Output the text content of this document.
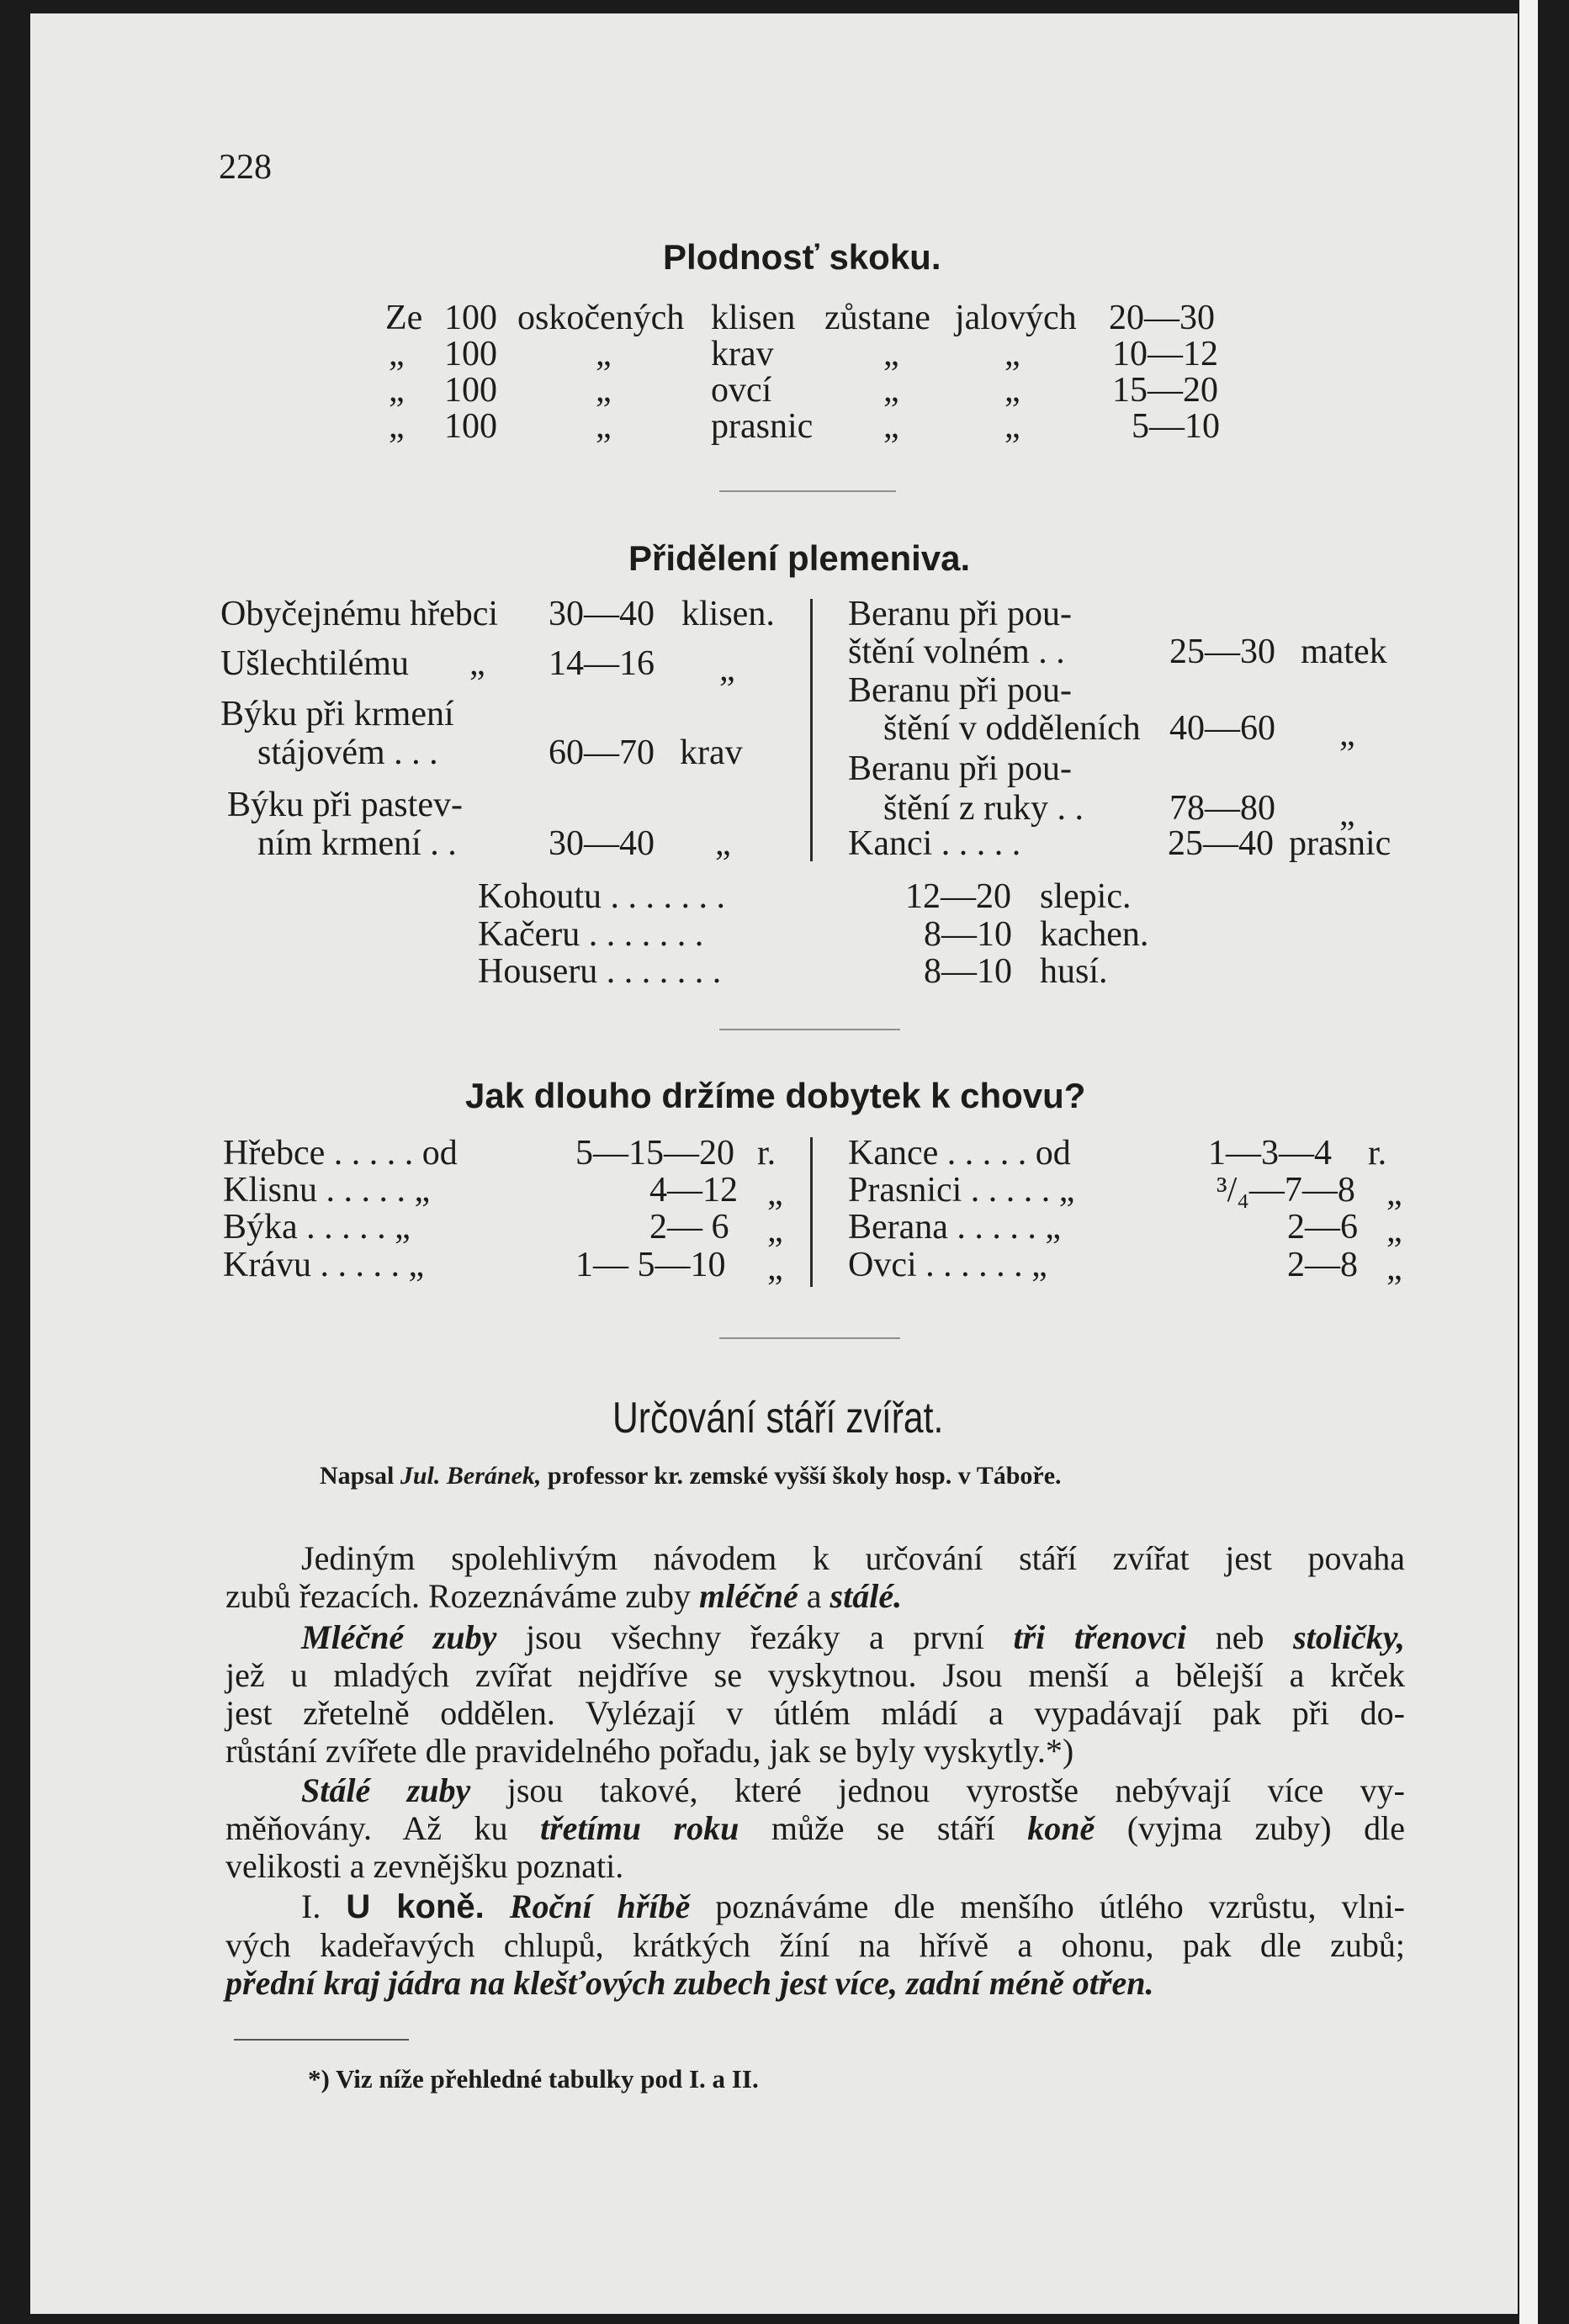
228
Plodnosť skoku.
Ze 100 oskočených klisen zůstane jalových 20—30
„ 100	„	krav	„	„	10—12
„ 100	„	ovcí	„	„	15—20
„ 100	„	prasnic „	„	5—10
Přidělení plemeniva.
Obyčejnému hřebci 30—40 klisen.
Ušlechtilému „ 14—16 „
Býku při krmení
stájovém . . .	60—70 krav
Býku při pastev-
ním krmení . .	30—40 „
Beranu při pou-
štění volném . .	25—30 matek
Beranu při pou-
štění v odděleních 40—60 „
Beranu při pou-
štění z ruky . . 78—80 „
Kanci . . . . .	25—40 prasnic
Kohoutu . . . . . . .	12—20 slepic.
Kačeru . . . . . . .	8—10 kachen.
Houseru . . . . . . .	8—10 husí.
Jak dlouho držíme dobytek k chovu?
Hřebce . . . . . od	5—15—20 r.
Klisnu . . . . . „	4—12 „
Býka . . . . . „	2— 6 „
Krávu . . . . . „	1— 5—10 „
Kance . . . . . od	1—3—4 r.
Prasnici . . . . . „	³/₄—7—8 „
Berana . . . . . „	2—6 „
Ovci . . . . . . „	2—8 „
Určování stáří zvířat.
Napsal Jul. Beránek, professor kr. zemské vyšší školy hosp. v Táboře.
Jediným spolehlivým návodem k určování stáří zvířat jest povaha
zubů řezacích. Rozeznáváme zuby mléčné a stálé.
Mléčné zuby jsou všechny řezáky a první tři třenovci neb stoličky,
jež u mladých zvířat nejdříve se vyskytnou. Jsou menší a bělejší a krček
jest zřetelně oddělen. Vylézají v útlém mládí a vypadávají pak při do-
růstání zvířete dle pravidelného pořadu, jak se byly vyskytly.*)
Stálé zuby jsou takové, které jednou vyrostše nebývají více vy-
měňovány. Až ku třetímu roku může se stáří koně (vyjma zuby) dle
velikosti a zevnějšku poznati.
I. U koně. Roční hříbě poznáváme dle menšího útlého vzrůstu, vlni-
vých kadeřavých chlupů, krátkých žíní na hřívě a ohonu, pak dle zubů;
přední kraj jádra na klešťových zubech jest více, zadní méně otřen.
*) Viz níže přehledné tabulky pod I. a II.
